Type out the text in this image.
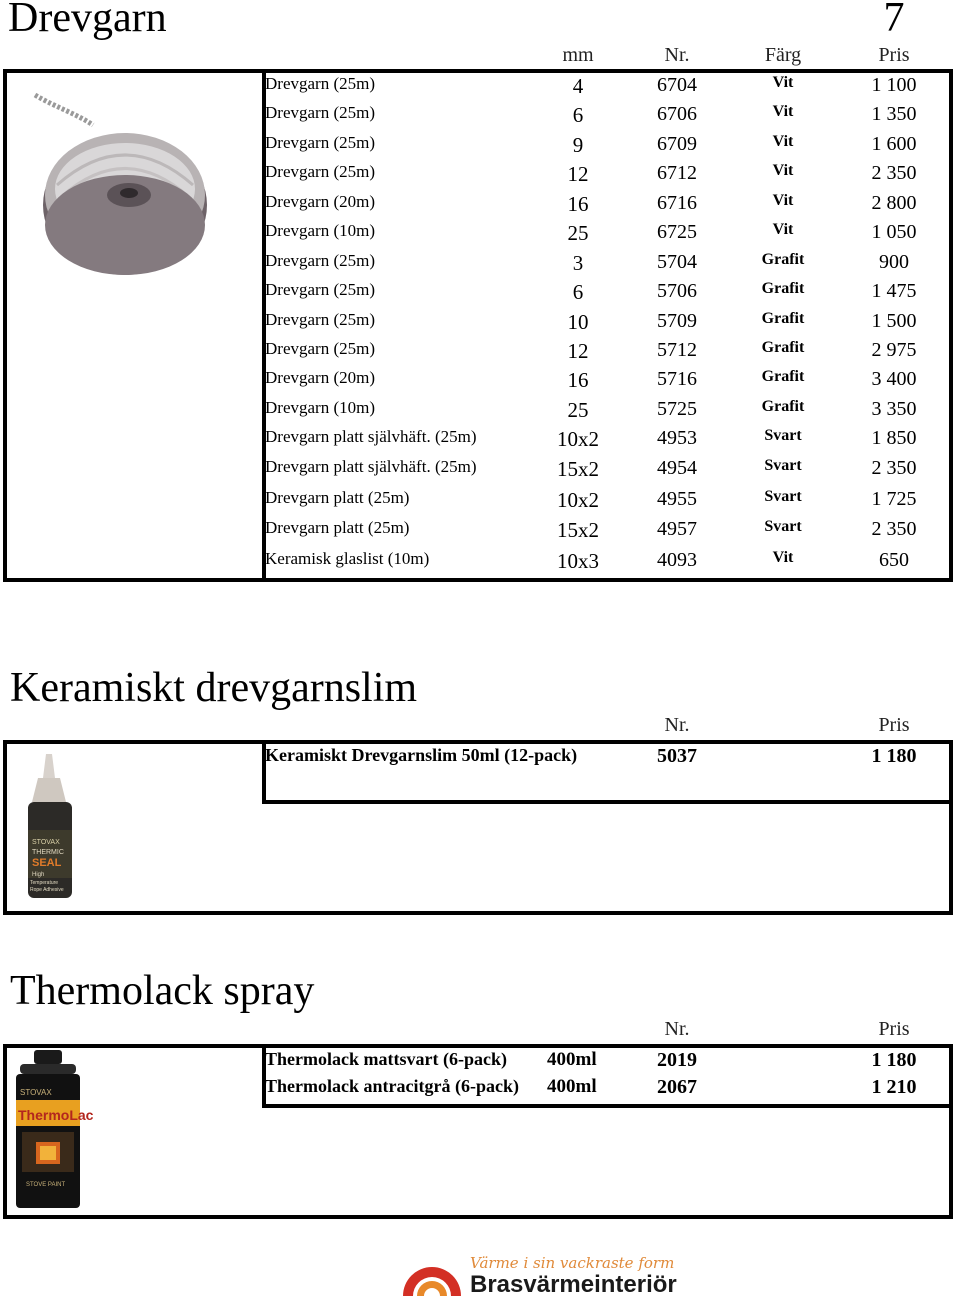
Drevgarn	7
mm	Nr.	Färg	Pris
Drevgarn (25m)	4	6704	Vit	1 100
Drevgarn (25m)	6	6706	Vit	1 350
Drevgarn (25m)	9	6709	Vit	1 600
Drevgarn (25m)	12	6712	Vit	2 350
Drevgarn (20m)	16	6716	Vit	2 800
Drevgarn (10m)	25	6725	Vit	1 050
Drevgarn (25m)	3	5704	Grafit	900
Drevgarn (25m)	6	5706	Grafit	1 475
Drevgarn (25m)	10	5709	Grafit	1 500
Drevgarn (25m)	12	5712	Grafit	2 975
Drevgarn (20m)	16	5716	Grafit	3 400
Drevgarn (10m)	25	5725	Grafit	3 350
Drevgarn platt självhäft. (25m)	10x2	4953	Svart	1 850
Drevgarn platt självhäft. (25m)	15x2	4954	Svart	2 350
Drevgarn platt (25m)	10x2	4955	Svart	1 725
Drevgarn platt (25m)	15x2	4957	Svart	2 350
Keramisk glaslist (10m)	10x3	4093	Vit	650
Keramiskt drevgarnslim
Nr.	Pris
Keramiskt Drevgarnslim 50ml (12-pack)	5037	1 180
STOVAX
THERMIC
SEAL
High
Temperature
Rope Adhesive
Thermolack spray
Nr.	Pris
Thermolack mattsvart (6-pack) 400ml	2019	1 180
Thermolack antracitgrå (6-pack) 400ml	2067	1 210
STOVAX
ThermoLac
STOVE PAINT
Värme i sin vackraste form
Brasvärmeinteriör
